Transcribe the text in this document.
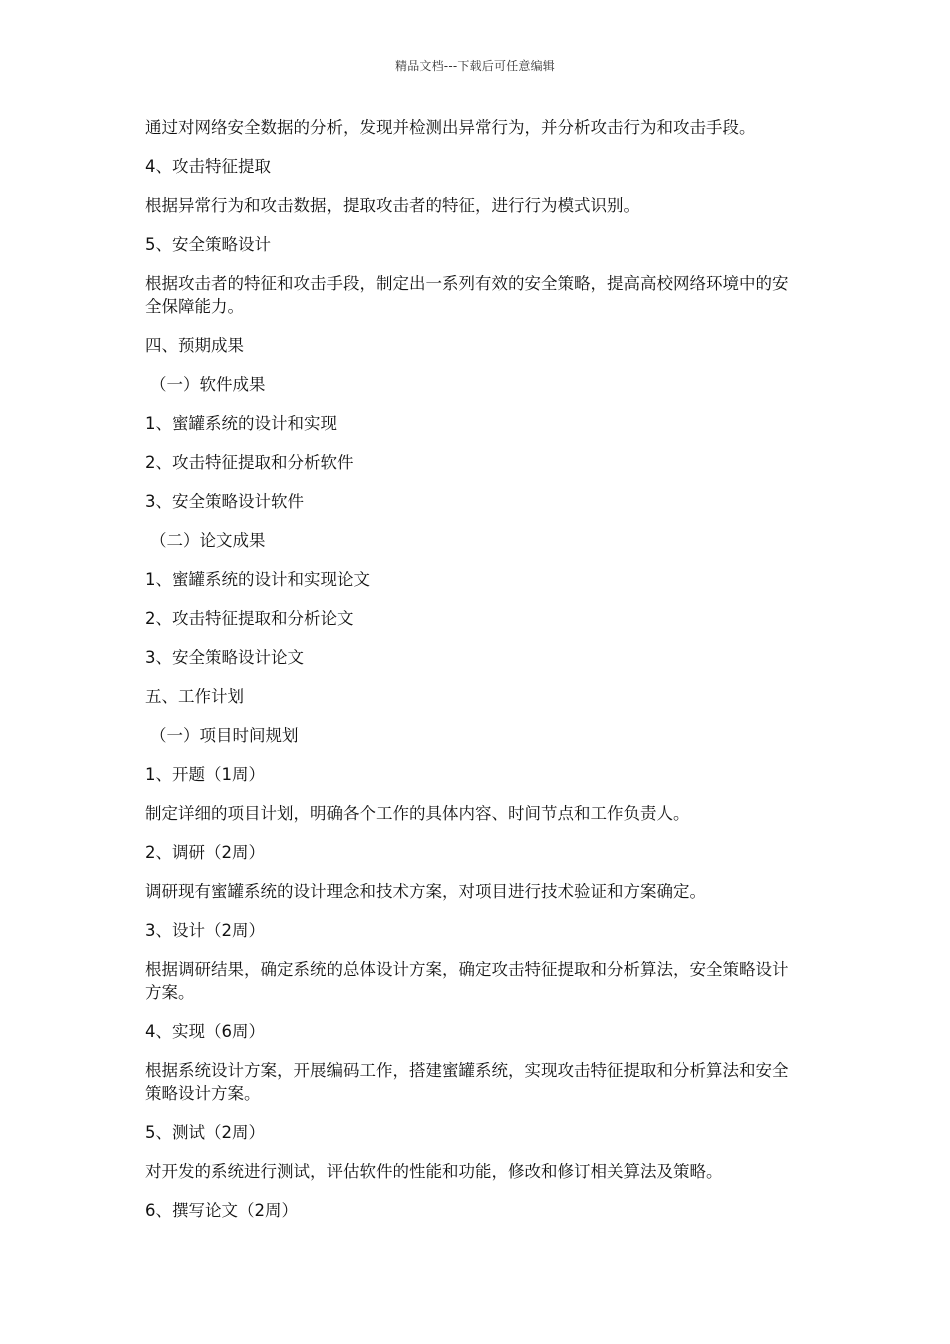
精品文档---下载后可任意编辑

通过对网络安全数据的分析，发现并检测出异常行为，并分析攻击行为和攻击手段。

4、攻击特征提取

根据异常行为和攻击数据，提取攻击者的特征，进行行为模式识别。

5、安全策略设计

根据攻击者的特征和攻击手段，制定出一系列有效的安全策略，提高高校网络环境中的安全保障能力。

四、预期成果

（一）软件成果

1、蜜罐系统的设计和实现

2、攻击特征提取和分析软件

3、安全策略设计软件

（二）论文成果

1、蜜罐系统的设计和实现论文

2、攻击特征提取和分析论文

3、安全策略设计论文

五、工作计划

（一）项目时间规划

1、开题（1周）

制定详细的项目计划，明确各个工作的具体内容、时间节点和工作负责人。

2、调研（2周）

调研现有蜜罐系统的设计理念和技术方案，对项目进行技术验证和方案确定。

3、设计（2周）

根据调研结果，确定系统的总体设计方案，确定攻击特征提取和分析算法，安全策略设计方案。

4、实现（6周）

根据系统设计方案，开展编码工作，搭建蜜罐系统，实现攻击特征提取和分析算法和安全策略设计方案。

5、测试（2周）

对开发的系统进行测试，评估软件的性能和功能，修改和修订相关算法及策略。

6、撰写论文（2周）
